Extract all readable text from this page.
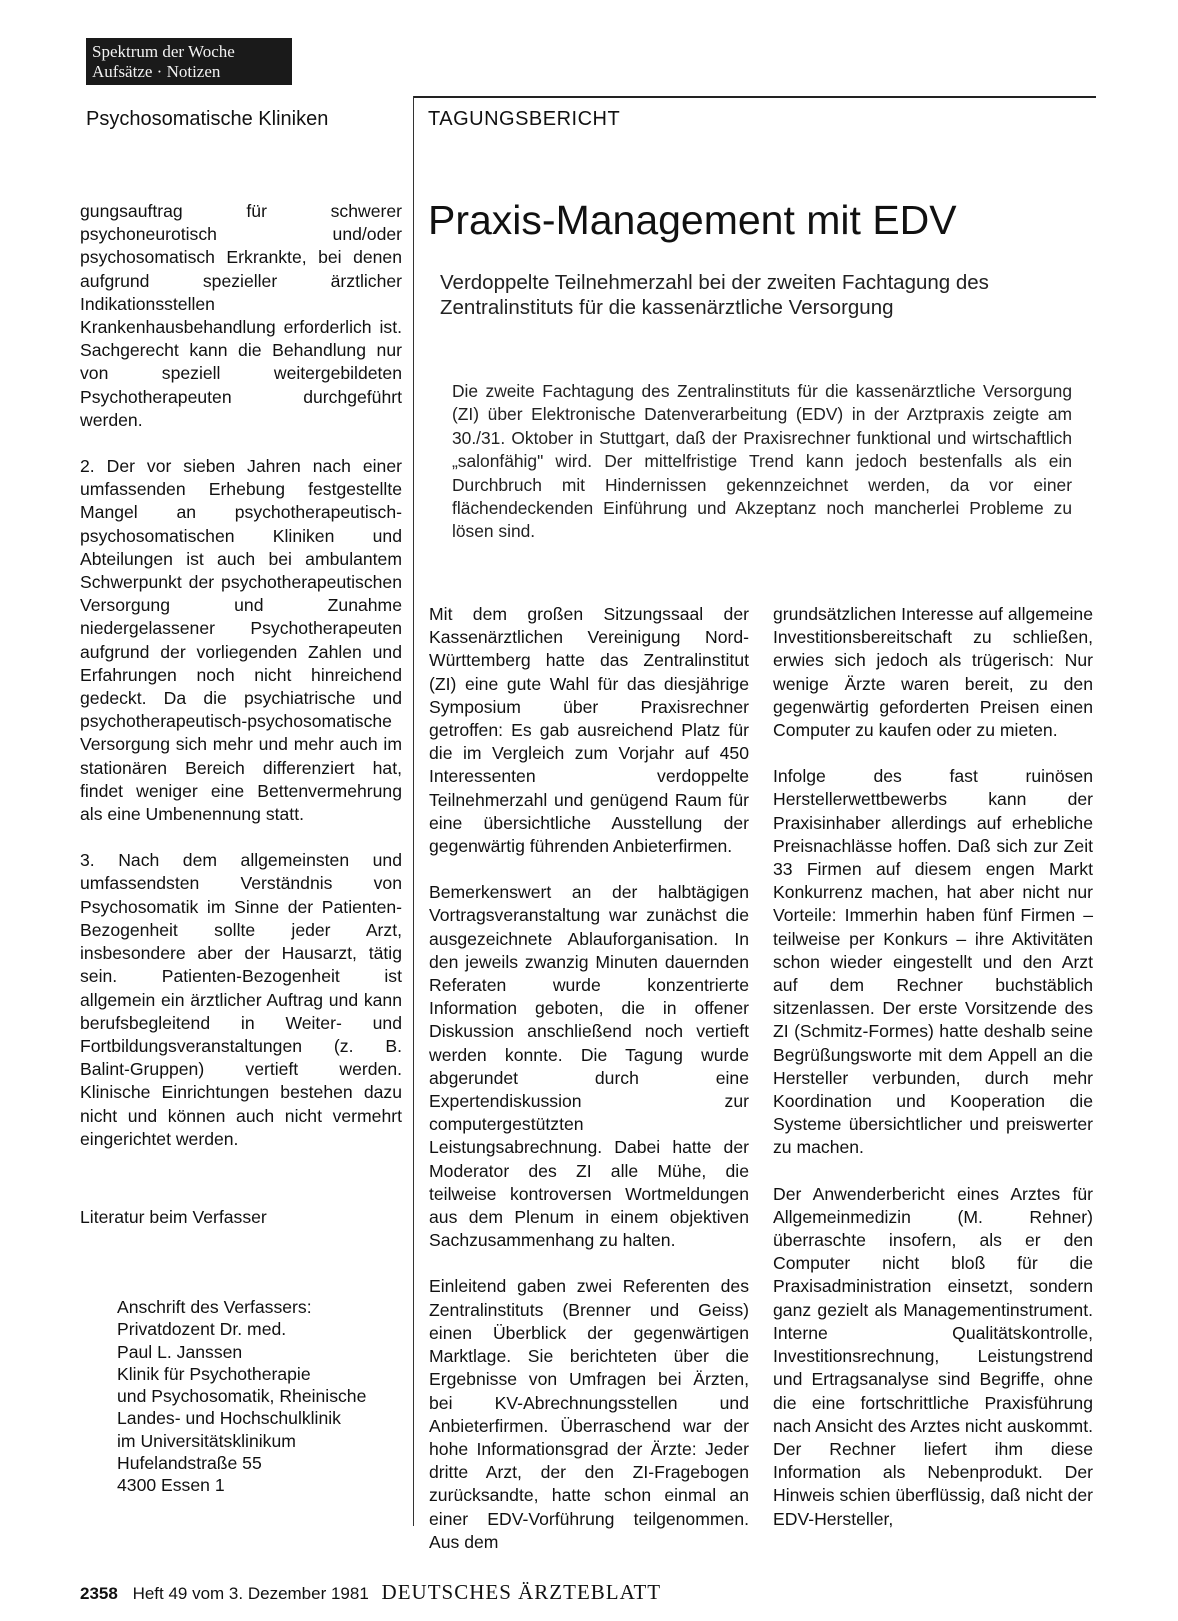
Spektrum der Woche
Aufsätze · Notizen
Psychosomatische Kliniken	TAGUNGSBERICHT
Praxis-Management mit EDV
Verdoppelte Teilnehmerzahl bei der zweiten Fachtagung des Zentralinstituts für die kassenärztliche Versorgung
Die zweite Fachtagung des Zentralinstituts für die kassenärztliche Versorgung (ZI) über Elektronische Datenverarbeitung (EDV) in der Arztpraxis zeigte am 30./31. Oktober in Stuttgart, daß der Praxisrechner funktional und wirtschaftlich „salonfähig" wird. Der mittelfristige Trend kann jedoch bestenfalls als ein Durchbruch mit Hindernissen gekennzeichnet werden, da vor einer flächendeckenden Einführung und Akzeptanz noch mancherlei Probleme zu lösen sind.

gungsauftrag für schwerer psychoneurotisch und/oder psychosomatisch Erkrankte, bei denen aufgrund spezieller ärztlicher Indikationsstellen Krankenhausbehandlung erforderlich ist. Sachgerecht kann die Behandlung nur von speziell weitergebildeten Psychotherapeuten durchgeführt werden.

2. Der vor sieben Jahren nach einer umfassenden Erhebung festgestellte Mangel an psychotherapeutisch-psychosomatischen Kliniken und Abteilungen ist auch bei ambulantem Schwerpunkt der psychotherapeutischen Versorgung und Zunahme niedergelassener Psychotherapeuten aufgrund der vorliegenden Zahlen und Erfahrungen noch nicht hinreichend gedeckt. Da die psychiatrische und psychotherapeutisch-psychosomatische Versorgung sich mehr und mehr auch im stationären Bereich differenziert hat, findet weniger eine Bettenvermehrung als eine Umbenennung statt.

3. Nach dem allgemeinsten und umfassendsten Verständnis von Psychosomatik im Sinne der Patienten-Bezogenheit sollte jeder Arzt, insbesondere aber der Hausarzt, tätig sein. Patienten-Bezogenheit ist allgemein ein ärztlicher Auftrag und kann berufsbegleitend in Weiter- und Fortbildungsveranstaltungen (z. B. Balint-Gruppen) vertieft werden. Klinische Einrichtungen bestehen dazu nicht und können auch nicht vermehrt eingerichtet werden.

Literatur beim Verfasser
Anschrift des Verfassers:
Privatdozent Dr. med.
Paul L. Janssen
Klinik für Psychotherapie
und Psychosomatik, Rheinische
Landes- und Hochschulklinik
im Universitätsklinikum
Hufelandstraße 55
4300 Essen 1

Mit dem großen Sitzungssaal der Kassenärztlichen Vereinigung Nord-Württemberg hatte das Zentralinstitut (ZI) eine gute Wahl für das diesjährige Symposium über Praxisrechner getroffen: Es gab ausreichend Platz für die im Vergleich zum Vorjahr auf 450 Interessenten verdoppelte Teilnehmerzahl und genügend Raum für eine übersichtliche Ausstellung der gegenwärtig führenden Anbieterfirmen.

Bemerkenswert an der halbtägigen Vortragsveranstaltung war zunächst die ausgezeichnete Ablauforganisation. In den jeweils zwanzig Minuten dauernden Referaten wurde konzentrierte Information geboten, die in offener Diskussion anschließend noch vertieft werden konnte. Die Tagung wurde abgerundet durch eine Expertendiskussion zur computergestützten Leistungsabrechnung. Dabei hatte der Moderator des ZI alle Mühe, die teilweise kontroversen Wortmeldungen aus dem Plenum in einem objektiven Sachzusammenhang zu halten.

Einleitend gaben zwei Referenten des Zentralinstituts (Brenner und Geiss) einen Überblick der gegenwärtigen Marktlage. Sie berichteten über die Ergebnisse von Umfragen bei Ärzten, bei KV-Abrechnungsstellen und Anbieterfirmen. Überraschend war der hohe Informationsgrad der Ärzte: Jeder dritte Arzt, der den ZI-Fragebogen zurücksandte, hatte schon einmal an einer EDV-Vorführung teilgenommen. Aus dem

grundsätzlichen Interesse auf allgemeine Investitionsbereitschaft zu schließen, erwies sich jedoch als trügerisch: Nur wenige Ärzte waren bereit, zu den gegenwärtig geforderten Preisen einen Computer zu kaufen oder zu mieten.

Infolge des fast ruinösen Herstellerwettbewerbs kann der Praxisinhaber allerdings auf erhebliche Preisnachlässe hoffen. Daß sich zur Zeit 33 Firmen auf diesem engen Markt Konkurrenz machen, hat aber nicht nur Vorteile: Immerhin haben fünf Firmen – teilweise per Konkurs – ihre Aktivitäten schon wieder eingestellt und den Arzt auf dem Rechner buchstäblich sitzenlassen. Der erste Vorsitzende des ZI (Schmitz-Formes) hatte deshalb seine Begrüßungsworte mit dem Appell an die Hersteller verbunden, durch mehr Koordination und Kooperation die Systeme übersichtlicher und preiswerter zu machen.

Der Anwenderbericht eines Arztes für Allgemeinmedizin (M. Rehner) überraschte insofern, als er den Computer nicht bloß für die Praxisadministration einsetzt, sondern ganz gezielt als Managementinstrument. Interne Qualitätskontrolle, Investitionsrechnung, Leistungstrend und Ertragsanalyse sind Begriffe, ohne die eine fortschrittliche Praxisführung nach Ansicht des Arztes nicht auskommt. Der Rechner liefert ihm diese Information als Nebenprodukt. Der Hinweis schien überflüssig, daß nicht der EDV-Hersteller,

2358 Heft 49 vom 3. Dezember 1981 DEUTSCHES ÄRZTEBLATT
